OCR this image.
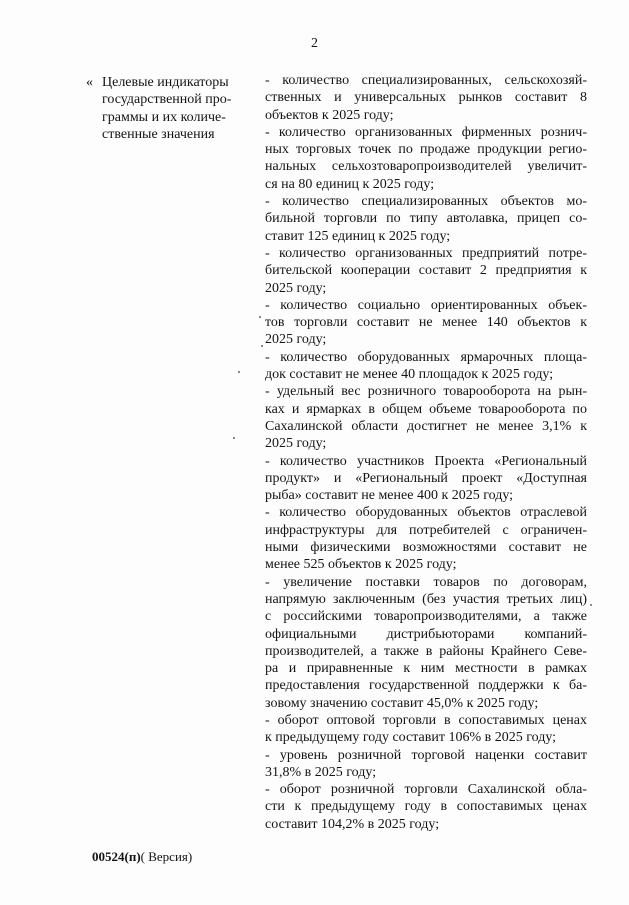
2
« Целевые индикаторы
государственной про-
граммы и их количе-
ственные значения
- количество специализированных, сельскохозяй-
ственных и универсальных рынков составит 8
объектов к 2025 году;
- количество организованных фирменных рознич-
ных торговых точек по продаже продукции регио-
нальных сельхозтоваропроизводителей увеличит-
ся на 80 единиц к 2025 году;
- количество специализированных объектов мо-
бильной торговли по типу автолавка, прицеп со-
ставит 125 единиц к 2025 году;
- количество организованных предприятий потре-
бительской кооперации составит 2 предприятия к
2025 году;
- количество социально ориентированных объек-
тов торговли составит не менее 140 объектов к
2025 году;
- количество оборудованных ярмарочных площа-
док составит не менее 40 площадок к 2025 году;
- удельный вес розничного товарооборота на рын-
ках и ярмарках в общем объеме товарооборота по
Сахалинской области достигнет не менее 3,1% к
2025 году;
- количество участников Проекта «Региональный
продукт» и «Региональный проект «Доступная
рыба» составит не менее 400 к 2025 году;
- количество оборудованных объектов отраслевой
инфраструктуры для потребителей с ограничен-
ными физическими возможностями составит не
менее 525 объектов к 2025 году;
- увеличение поставки товаров по договорам,
напрямую заключенным (без участия третьих лиц)
с российскими товаропроизводителями, а также
официальными дистрибьюторами компаний-
производителей, а также в районы Крайнего Севе-
ра и приравненные к ним местности в рамках
предоставления государственной поддержки к ба-
зовому значению составит 45,0% к 2025 году;
- оборот оптовой торговли в сопоставимых ценах
к предыдущему году составит 106% в 2025 году;
- уровень розничной торговой наценки составит
31,8% в 2025 году;
- оборот розничной торговли Сахалинской обла-
сти к предыдущему году в сопоставимых ценах
составит 104,2% в 2025 году;
00524(п)( Версия)
